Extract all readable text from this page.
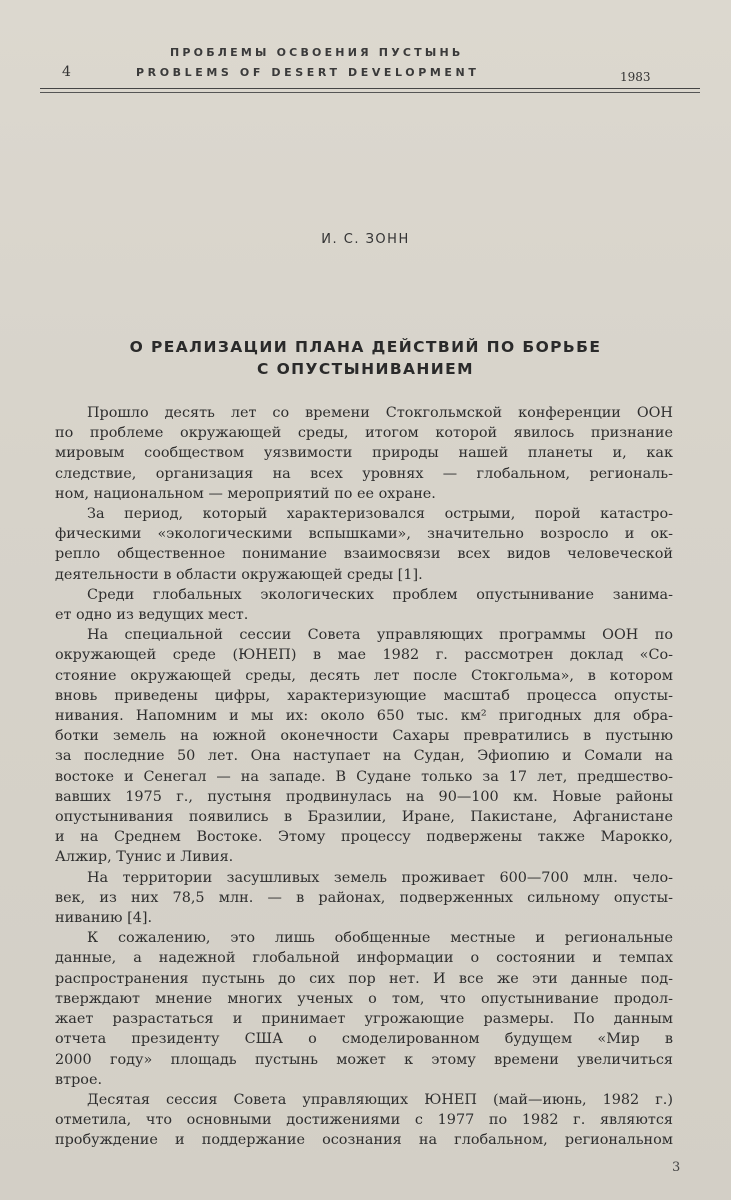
ПРОБЛЕМЫ ОСВОЕНИЯ ПУСТЫНЬ
4	PROBLEMS OF DESERT DEVELOPMENT	1983
И. С. ЗОНН
О РЕАЛИЗАЦИИ ПЛАНА ДЕЙСТВИЙ ПО БОРЬБЕ
С ОПУСТЫНИВАНИЕМ
Прошло десять лет со времени Стокгольмской конференции ООН
по проблеме окружающей среды, итогом которой явилось признание
мировым сообществом уязвимости природы нашей планеты и, как
следствие, организация на всех уровнях — глобальном, региональ-
ном, национальном — мероприятий по ее охране.
За период, который характеризовался острыми, порой катастро-
фическими «экологическими вспышками», значительно возросло и ок-
репло общественное понимание взаимосвязи всех видов человеческой
деятельности в области окружающей среды [1].
Среди глобальных экологических проблем опустынивание занима-
ет одно из ведущих мест.
На специальной сессии Совета управляющих программы ООН по
окружающей среде (ЮНЕП) в мае 1982 г. рассмотрен доклад «Со-
стояние окружающей среды, десять лет после Стокгольма», в котором
вновь приведены цифры, характеризующие масштаб процесса опусты-
нивания. Напомним и мы их: около 650 тыс. км² пригодных для обра-
ботки земель на южной оконечности Сахары превратились в пустыню
за последние 50 лет. Она наступает на Судан, Эфиопию и Сомали на
востоке и Сенегал — на западе. В Судане только за 17 лет, предшество-
вавших 1975 г., пустыня продвинулась на 90—100 км. Новые районы
опустынивания появились в Бразилии, Иране, Пакистане, Афганистане
и на Среднем Востоке. Этому процессу подвержены также Марокко,
Алжир, Тунис и Ливия.
На территории засушливых земель проживает 600—700 млн. чело-
век, из них 78,5 млн. — в районах, подверженных сильному опусты-
ниванию [4].
К сожалению, это лишь обобщенные местные и региональные
данные, а надежной глобальной информации о состоянии и темпах
распространения пустынь до сих пор нет. И все же эти данные под-
тверждают мнение многих ученых о том, что опустынивание продол-
жает разрастаться и принимает угрожающие размеры. По данным
отчета президенту США о смоделированном будущем «Мир в
2000 году» площадь пустынь может к этому времени увеличиться
втрое.
Десятая сессия Совета управляющих ЮНЕП (май—июнь, 1982 г.)
отметила, что основными достижениями с 1977 по 1982 г. являются
пробуждение и поддержание осознания на глобальном, региональном
3
